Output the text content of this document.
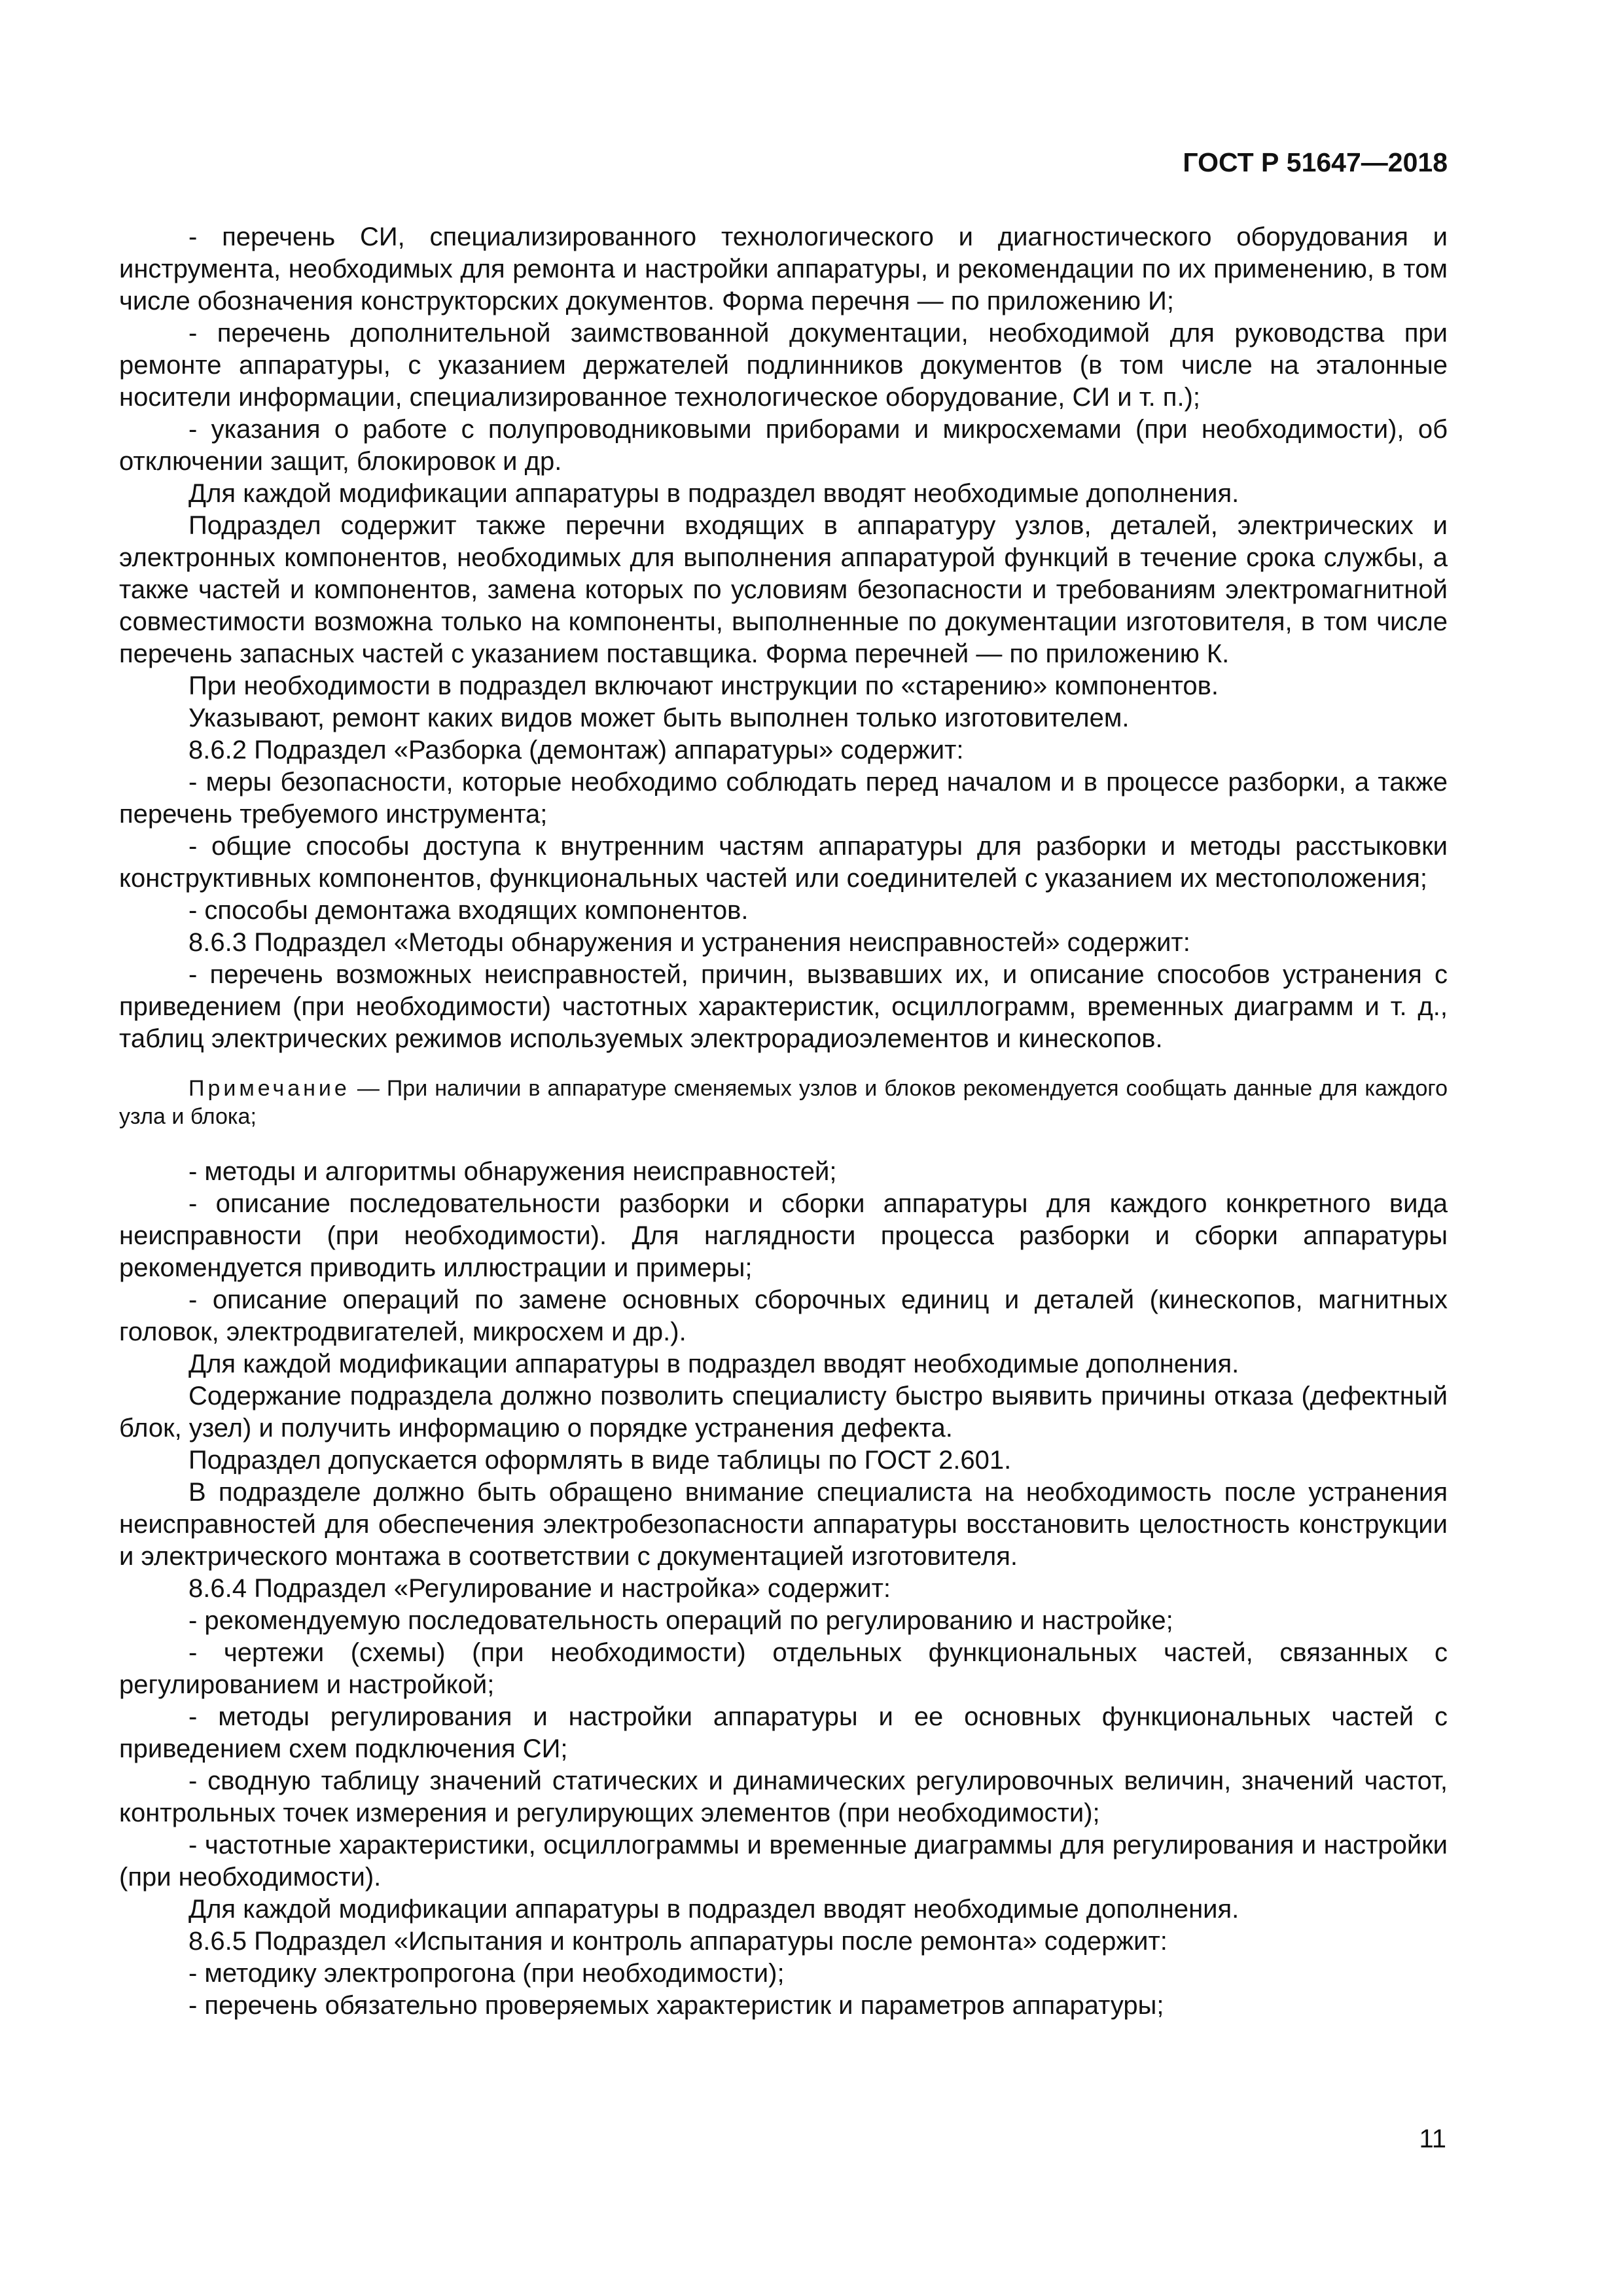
ГОСТ Р 51647—2018

- перечень СИ, специализированного технологического и диагностического оборудования и инструмента, необходимых для ремонта и настройки аппаратуры, и рекомендации по их применению, в том числе обозначения конструкторских документов. Форма перечня — по приложению И;

- перечень дополнительной заимствованной документации, необходимой для руководства при ремонте аппаратуры, с указанием держателей подлинников документов (в том числе на эталонные носители информации, специализированное технологическое оборудование, СИ и т. п.);

- указания о работе с полупроводниковыми приборами и микросхемами (при необходимости), об отключении защит, блокировок и др.

Для каждой модификации аппаратуры в подраздел вводят необходимые дополнения.

Подраздел содержит также перечни входящих в аппаратуру узлов, деталей, электрических и электронных компонентов, необходимых для выполнения аппаратурой функций в течение срока службы, а также частей и компонентов, замена которых по условиям безопасности и требованиям электромагнитной совместимости возможна только на компоненты, выполненные по документации изготовителя, в том числе перечень запасных частей с указанием поставщика. Форма перечней — по приложению К.

При необходимости в подраздел включают инструкции по «старению» компонентов.

Указывают, ремонт каких видов может быть выполнен только изготовителем.

8.6.2 Подраздел «Разборка (демонтаж) аппаратуры» содержит:

- меры безопасности, которые необходимо соблюдать перед началом и в процессе разборки, а также перечень требуемого инструмента;

- общие способы доступа к внутренним частям аппаратуры для разборки и методы расстыковки конструктивных компонентов, функциональных частей или соединителей с указанием их местоположения;

- способы демонтажа входящих компонентов.

8.6.3 Подраздел «Методы обнаружения и устранения неисправностей» содержит:

- перечень возможных неисправностей, причин, вызвавших их, и описание способов устранения с приведением (при необходимости) частотных характеристик, осциллограмм, временных диаграмм и т. д., таблиц электрических режимов используемых электрорадиоэлементов и кинескопов.

Примечание — При наличии в аппаратуре сменяемых узлов и блоков рекомендуется сообщать данные для каждого узла и блока;

- методы и алгоритмы обнаружения неисправностей;

- описание последовательности разборки и сборки аппаратуры для каждого конкретного вида неисправности (при необходимости). Для наглядности процесса разборки и сборки аппаратуры рекомендуется приводить иллюстрации и примеры;

- описание операций по замене основных сборочных единиц и деталей (кинескопов, магнитных головок, электродвигателей, микросхем и др.).

Для каждой модификации аппаратуры в подраздел вводят необходимые дополнения.

Содержание подраздела должно позволить специалисту быстро выявить причины отказа (дефектный блок, узел) и получить информацию о порядке устранения дефекта.

Подраздел допускается оформлять в виде таблицы по ГОСТ 2.601.

В подразделе должно быть обращено внимание специалиста на необходимость после устранения неисправностей для обеспечения электробезопасности аппаратуры восстановить целостность конструкции и электрического монтажа в соответствии с документацией изготовителя.

8.6.4 Подраздел «Регулирование и настройка» содержит:

- рекомендуемую последовательность операций по регулированию и настройке;

- чертежи (схемы) (при необходимости) отдельных функциональных частей, связанных с регулированием и настройкой;

- методы регулирования и настройки аппаратуры и ее основных функциональных частей с приведением схем подключения СИ;

- сводную таблицу значений статических и динамических регулировочных величин, значений частот, контрольных точек измерения и регулирующих элементов (при необходимости);

- частотные характеристики, осциллограммы и временные диаграммы для регулирования и настройки (при необходимости).

Для каждой модификации аппаратуры в подраздел вводят необходимые дополнения.

8.6.5 Подраздел «Испытания и контроль аппаратуры после ремонта» содержит:

- методику электропрогона (при необходимости);

- перечень обязательно проверяемых характеристик и параметров аппаратуры;

11
